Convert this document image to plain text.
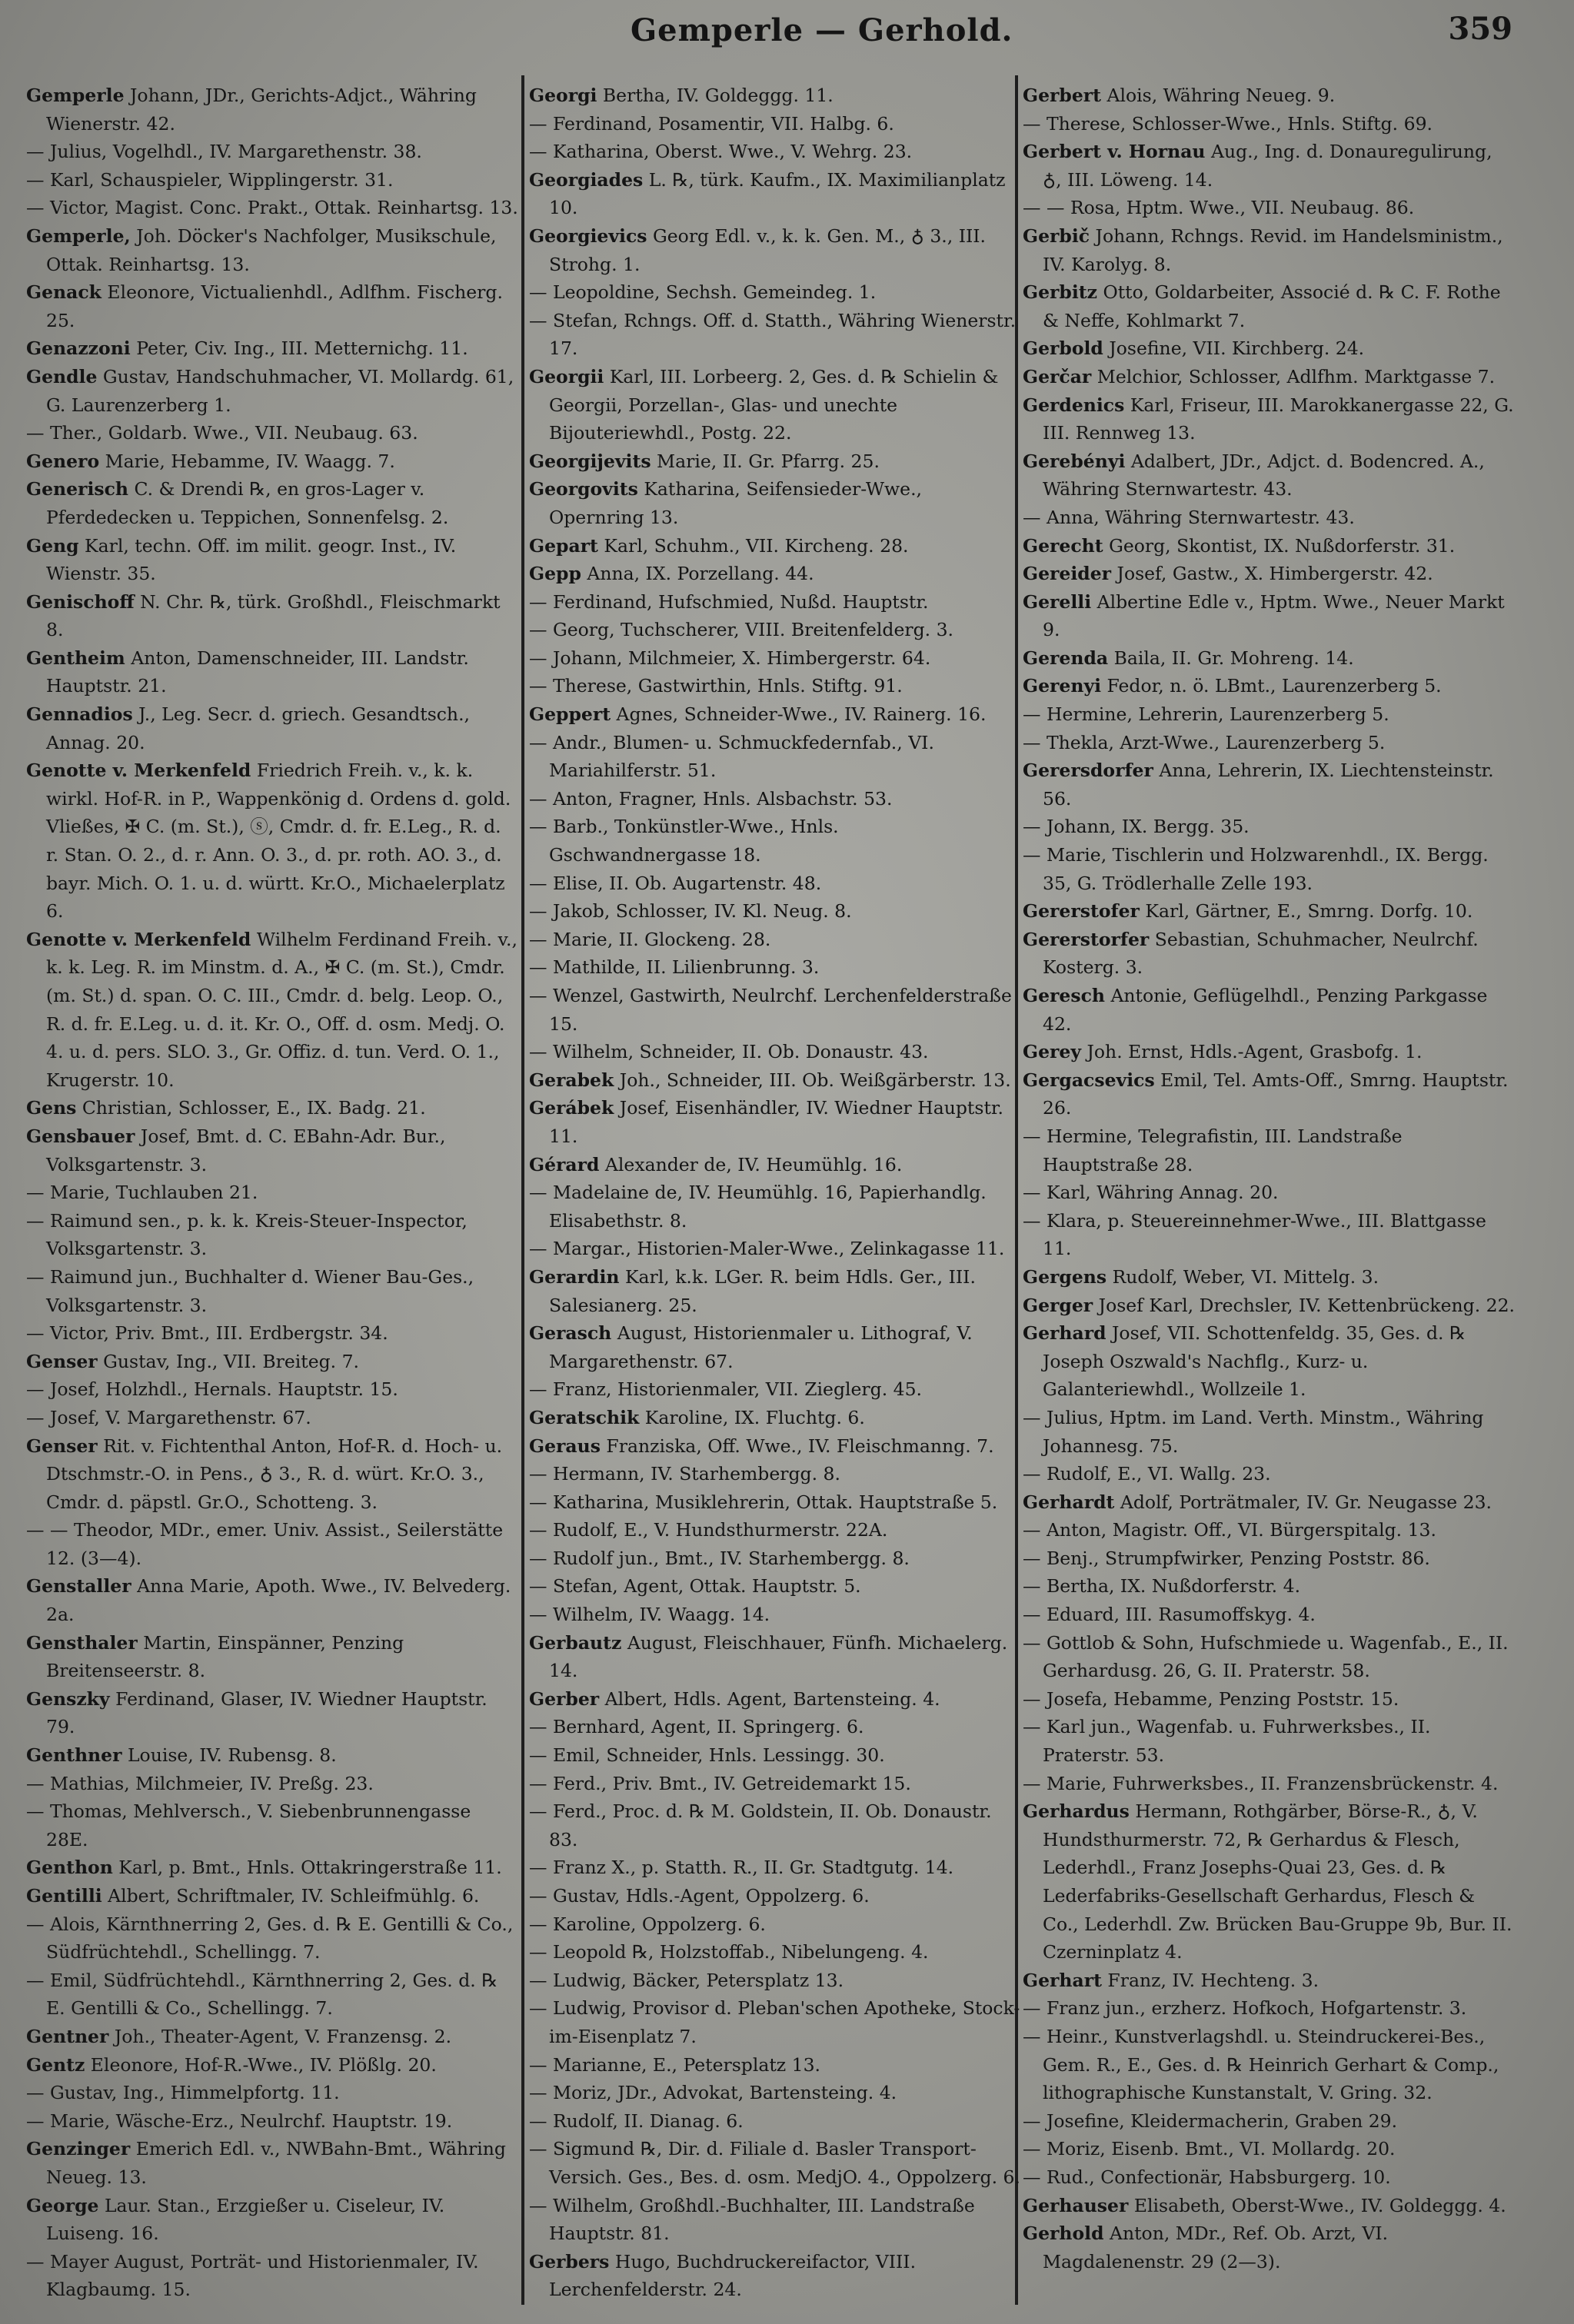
Gemperle — Gerhold.	359

Gemperle Johann, JDr., Gerichts-Adjct., Währing Wienerstr. 42.

— Julius, Vogelhdl., IV. Margarethenstr. 38.

— Karl, Schauspieler, Wipplingerstr. 31.

— Victor, Magist. Conc. Prakt., Ottak. Reinhartsg. 13.

Gemperle, Joh. Döcker's Nachfolger, Musikschule, Ottak. Reinhartsg. 13.

Genack Eleonore, Victualienhdl., Adlfhm. Fischerg. 25.

Genazzoni Peter, Civ. Ing., III. Metternichg. 11.

Gendle Gustav, Handschuhmacher, VI. Mollardg. 61, G. Laurenzerberg 1.

— Ther., Goldarb. Wwe., VII. Neubaug. 63.

Genero Marie, Hebamme, IV. Waagg. 7.

Generisch C. & Drendi ℞, en gros-Lager v. Pferdedecken u. Teppichen, Sonnenfelsg. 2.

Geng Karl, techn. Off. im milit. geogr. Inst., IV. Wienstr. 35.

Genischoff N. Chr. ℞, türk. Großhdl., Fleischmarkt 8.

Gentheim Anton, Damenschneider, III. Landstr. Hauptstr. 21.

Gennadios J., Leg. Secr. d. griech. Gesandtsch., Annag. 20.

Genotte v. Merkenfeld Friedrich Freih. v., k. k. wirkl. Hof-R. in P., Wappenkönig d. Ordens d. gold. Vließes, ✠ C. (m. St.), ⓢ, Cmdr. d. fr. E.Leg., R. d. r. Stan. O. 2., d. r. Ann. O. 3., d. pr. roth. AO. 3., d. bayr. Mich. O. 1. u. d. württ. Kr.O., Michaelerplatz 6.

Genotte v. Merkenfeld Wilhelm Ferdinand Freih. v., k. k. Leg. R. im Minstm. d. A., ✠ C. (m. St.), Cmdr. (m. St.) d. span. O. C. III., Cmdr. d. belg. Leop. O., R. d. fr. E.Leg. u. d. it. Kr. O., Off. d. osm. Medj. O. 4. u. d. pers. SLO. 3., Gr. Offiz. d. tun. Verd. O. 1., Krugerstr. 10.

Gens Christian, Schlosser, E., IX. Badg. 21.

Gensbauer Josef, Bmt. d. C. EBahn-Adr. Bur., Volksgartenstr. 3.

— Marie, Tuchlauben 21.

— Raimund sen., p. k. k. Kreis-Steuer-Inspector, Volksgartenstr. 3.

— Raimund jun., Buchhalter d. Wiener Bau-Ges., Volksgartenstr. 3.

— Victor, Priv. Bmt., III. Erdbergstr. 34.

Genser Gustav, Ing., VII. Breiteg. 7.

— Josef, Holzhdl., Hernals. Hauptstr. 15.

— Josef, V. Margarethenstr. 67.

Genser Rit. v. Fichtenthal Anton, Hof-R. d. Hoch- u. Dtschmstr.-O. in Pens., ♁ 3., R. d. würt. Kr.O. 3., Cmdr. d. päpstl. Gr.O., Schotteng. 3.

— — Theodor, MDr., emer. Univ. Assist., Seilerstätte 12. (3—4).

Genstaller Anna Marie, Apoth. Wwe., IV. Belvederg. 2a.

Gensthaler Martin, Einspänner, Penzing Breitenseerstr. 8.

Genszky Ferdinand, Glaser, IV. Wiedner Hauptstr. 79.

Genthner Louise, IV. Rubensg. 8.

— Mathias, Milchmeier, IV. Preßg. 23.

— Thomas, Mehlversch., V. Siebenbrunnengasse 28E.

Genthon Karl, p. Bmt., Hnls. Ottakringerstraße 11.

Gentilli Albert, Schriftmaler, IV. Schleifmühlg. 6.

— Alois, Kärnthnerring 2, Ges. d. ℞ E. Gentilli & Co., Südfrüchtehdl., Schellingg. 7.

— Emil, Südfrüchtehdl., Kärnthnerring 2, Ges. d. ℞ E. Gentilli & Co., Schellingg. 7.

Gentner Joh., Theater-Agent, V. Franzensg. 2.

Gentz Eleonore, Hof-R.-Wwe., IV. Plößlg. 20.

— Gustav, Ing., Himmelpfortg. 11.

— Marie, Wäsche-Erz., Neulrchf. Hauptstr. 19.

Genzinger Emerich Edl. v., NWBahn-Bmt., Währing Neueg. 13.

George Laur. Stan., Erzgießer u. Ciseleur, IV. Luiseng. 16.

— Mayer August, Porträt- und Historienmaler, IV. Klagbaumg. 15.

Georgi Bertha, IV. Goldeggg. 11.

— Ferdinand, Posamentir, VII. Halbg. 6.

— Katharina, Oberst. Wwe., V. Wehrg. 23.

Georgiades L. ℞, türk. Kaufm., IX. Maximilianplatz 10.

Georgievics Georg Edl. v., k. k. Gen. M., ♁ 3., III. Strohg. 1.

— Leopoldine, Sechsh. Gemeindeg. 1.

— Stefan, Rchngs. Off. d. Statth., Währing Wienerstr. 17.

Georgii Karl, III. Lorbeerg. 2, Ges. d. ℞ Schielin & Georgii, Porzellan-, Glas- und unechte Bijouteriewhdl., Postg. 22.

Georgijevits Marie, II. Gr. Pfarrg. 25.

Georgovits Katharina, Seifensieder-Wwe., Opernring 13.

Gepart Karl, Schuhm., VII. Kircheng. 28.

Gepp Anna, IX. Porzellang. 44.

— Ferdinand, Hufschmied, Nußd. Hauptstr.

— Georg, Tuchscherer, VIII. Breitenfelderg. 3.

— Johann, Milchmeier, X. Himbergerstr. 64.

— Therese, Gastwirthin, Hnls. Stiftg. 91.

Geppert Agnes, Schneider-Wwe., IV. Rainerg. 16.

— Andr., Blumen- u. Schmuckfedernfab., VI. Mariahilferstr. 51.

— Anton, Fragner, Hnls. Alsbachstr. 53.

— Barb., Tonkünstler-Wwe., Hnls. Gschwandnergasse 18.

— Elise, II. Ob. Augartenstr. 48.

— Jakob, Schlosser, IV. Kl. Neug. 8.

— Marie, II. Glockeng. 28.

— Mathilde, II. Lilienbrunng. 3.

— Wenzel, Gastwirth, Neulrchf. Lerchenfelderstraße 15.

— Wilhelm, Schneider, II. Ob. Donaustr. 43.

Gerabek Joh., Schneider, III. Ob. Weißgärberstr. 13.

Gerábek Josef, Eisenhändler, IV. Wiedner Hauptstr. 11.

Gérard Alexander de, IV. Heumühlg. 16.

— Madelaine de, IV. Heumühlg. 16, Papierhandlg. Elisabethstr. 8.

— Margar., Historien-Maler-Wwe., Zelinkagasse 11.

Gerardin Karl, k.k. LGer. R. beim Hdls. Ger., III. Salesianerg. 25.

Gerasch August, Historienmaler u. Lithograf, V. Margarethenstr. 67.

— Franz, Historienmaler, VII. Zieglerg. 45.

Geratschik Karoline, IX. Fluchtg. 6.

Geraus Franziska, Off. Wwe., IV. Fleischmanng. 7.

— Hermann, IV. Starhembergg. 8.

— Katharina, Musiklehrerin, Ottak. Hauptstraße 5.

— Rudolf, E., V. Hundsthurmerstr. 22A.

— Rudolf jun., Bmt., IV. Starhembergg. 8.

— Stefan, Agent, Ottak. Hauptstr. 5.

— Wilhelm, IV. Waagg. 14.

Gerbautz August, Fleischhauer, Fünfh. Michaelerg. 14.

Gerber Albert, Hdls. Agent, Bartensteing. 4.

— Bernhard, Agent, II. Springerg. 6.

— Emil, Schneider, Hnls. Lessingg. 30.

— Ferd., Priv. Bmt., IV. Getreidemarkt 15.

— Ferd., Proc. d. ℞ M. Goldstein, II. Ob. Donaustr. 83.

— Franz X., p. Statth. R., II. Gr. Stadtgutg. 14.

— Gustav, Hdls.-Agent, Oppolzerg. 6.

— Karoline, Oppolzerg. 6.

— Leopold ℞, Holzstoffab., Nibelungeng. 4.

— Ludwig, Bäcker, Petersplatz 13.

— Ludwig, Provisor d. Pleban'schen Apotheke, Stock-im-Eisenplatz 7.

— Marianne, E., Petersplatz 13.

— Moriz, JDr., Advokat, Bartensteing. 4.

— Rudolf, II. Dianag. 6.

— Sigmund ℞, Dir. d. Filiale d. Basler Transport-Versich. Ges., Bes. d. osm. MedjO. 4., Oppolzerg. 6.

— Wilhelm, Großhdl.-Buchhalter, III. Landstraße Hauptstr. 81.

Gerbers Hugo, Buchdruckereifactor, VIII. Lerchenfelderstr. 24.

Gerbert Alois, Währing Neueg. 9.

— Therese, Schlosser-Wwe., Hnls. Stiftg. 69.

Gerbert v. Hornau Aug., Ing. d. Donauregulirung, ♁, III. Löweng. 14.

— — Rosa, Hptm. Wwe., VII. Neubaug. 86.

Gerbič Johann, Rchngs. Revid. im Handelsministm., IV. Karolyg. 8.

Gerbitz Otto, Goldarbeiter, Associé d. ℞ C. F. Rothe & Neffe, Kohlmarkt 7.

Gerbold Josefine, VII. Kirchberg. 24.

Gerčar Melchior, Schlosser, Adlfhm. Marktgasse 7.

Gerdenics Karl, Friseur, III. Marokkanergasse 22, G. III. Rennweg 13.

Gerebényi Adalbert, JDr., Adjct. d. Bodencred. A., Währing Sternwartestr. 43.

— Anna, Währing Sternwartestr. 43.

Gerecht Georg, Skontist, IX. Nußdorferstr. 31.

Gereider Josef, Gastw., X. Himbergerstr. 42.

Gerelli Albertine Edle v., Hptm. Wwe., Neuer Markt 9.

Gerenda Baila, II. Gr. Mohreng. 14.

Gerenyi Fedor, n. ö. LBmt., Laurenzerberg 5.

— Hermine, Lehrerin, Laurenzerberg 5.

— Thekla, Arzt-Wwe., Laurenzerberg 5.

Gerersdorfer Anna, Lehrerin, IX. Liechtensteinstr. 56.

— Johann, IX. Bergg. 35.

— Marie, Tischlerin und Holzwarenhdl., IX. Bergg. 35, G. Trödlerhalle Zelle 193.

Gererstofer Karl, Gärtner, E., Smrng. Dorfg. 10.

Gererstorfer Sebastian, Schuhmacher, Neulrchf. Kosterg. 3.

Geresch Antonie, Geflügelhdl., Penzing Parkgasse 42.

Gerey Joh. Ernst, Hdls.-Agent, Grasbofg. 1.

Gergacsevics Emil, Tel. Amts-Off., Smrng. Hauptstr. 26.

— Hermine, Telegrafistin, III. Landstraße Hauptstraße 28.

— Karl, Währing Annag. 20.

— Klara, p. Steuereinnehmer-Wwe., III. Blattgasse 11.

Gergens Rudolf, Weber, VI. Mittelg. 3.

Gerger Josef Karl, Drechsler, IV. Kettenbrückeng. 22.

Gerhard Josef, VII. Schottenfeldg. 35, Ges. d. ℞ Joseph Oszwald's Nachflg., Kurz- u. Galanteriewhdl., Wollzeile 1.

— Julius, Hptm. im Land. Verth. Minstm., Währing Johannesg. 75.

— Rudolf, E., VI. Wallg. 23.

Gerhardt Adolf, Porträtmaler, IV. Gr. Neugasse 23.

— Anton, Magistr. Off., VI. Bürgerspitalg. 13.

— Benj., Strumpfwirker, Penzing Poststr. 86.

— Bertha, IX. Nußdorferstr. 4.

— Eduard, III. Rasumoffskyg. 4.

— Gottlob & Sohn, Hufschmiede u. Wagenfab., E., II. Gerhardusg. 26, G. II. Praterstr. 58.

— Josefa, Hebamme, Penzing Poststr. 15.

— Karl jun., Wagenfab. u. Fuhrwerksbes., II. Praterstr. 53.

— Marie, Fuhrwerksbes., II. Franzensbrückenstr. 4.

Gerhardus Hermann, Rothgärber, Börse-R., ♁, V. Hundsthurmerstr. 72, ℞ Gerhardus & Flesch, Lederhdl., Franz Josephs-Quai 23, Ges. d. ℞ Lederfabriks-Gesellschaft Gerhardus, Flesch & Co., Lederhdl. Zw. Brücken Bau-Gruppe 9b, Bur. II. Czerninplatz 4.

Gerhart Franz, IV. Hechteng. 3.

— Franz jun., erzherz. Hofkoch, Hofgartenstr. 3.

— Heinr., Kunstverlagshdl. u. Steindruckerei-Bes., Gem. R., E., Ges. d. ℞ Heinrich Gerhart & Comp., lithographische Kunstanstalt, V. Gring. 32.

— Josefine, Kleidermacherin, Graben 29.

— Moriz, Eisenb. Bmt., VI. Mollardg. 20.

— Rud., Confectionär, Habsburgerg. 10.

Gerhauser Elisabeth, Oberst-Wwe., IV. Goldeggg. 4.

Gerhold Anton, MDr., Ref. Ob. Arzt, VI. Magdalenenstr. 29 (2—3).
